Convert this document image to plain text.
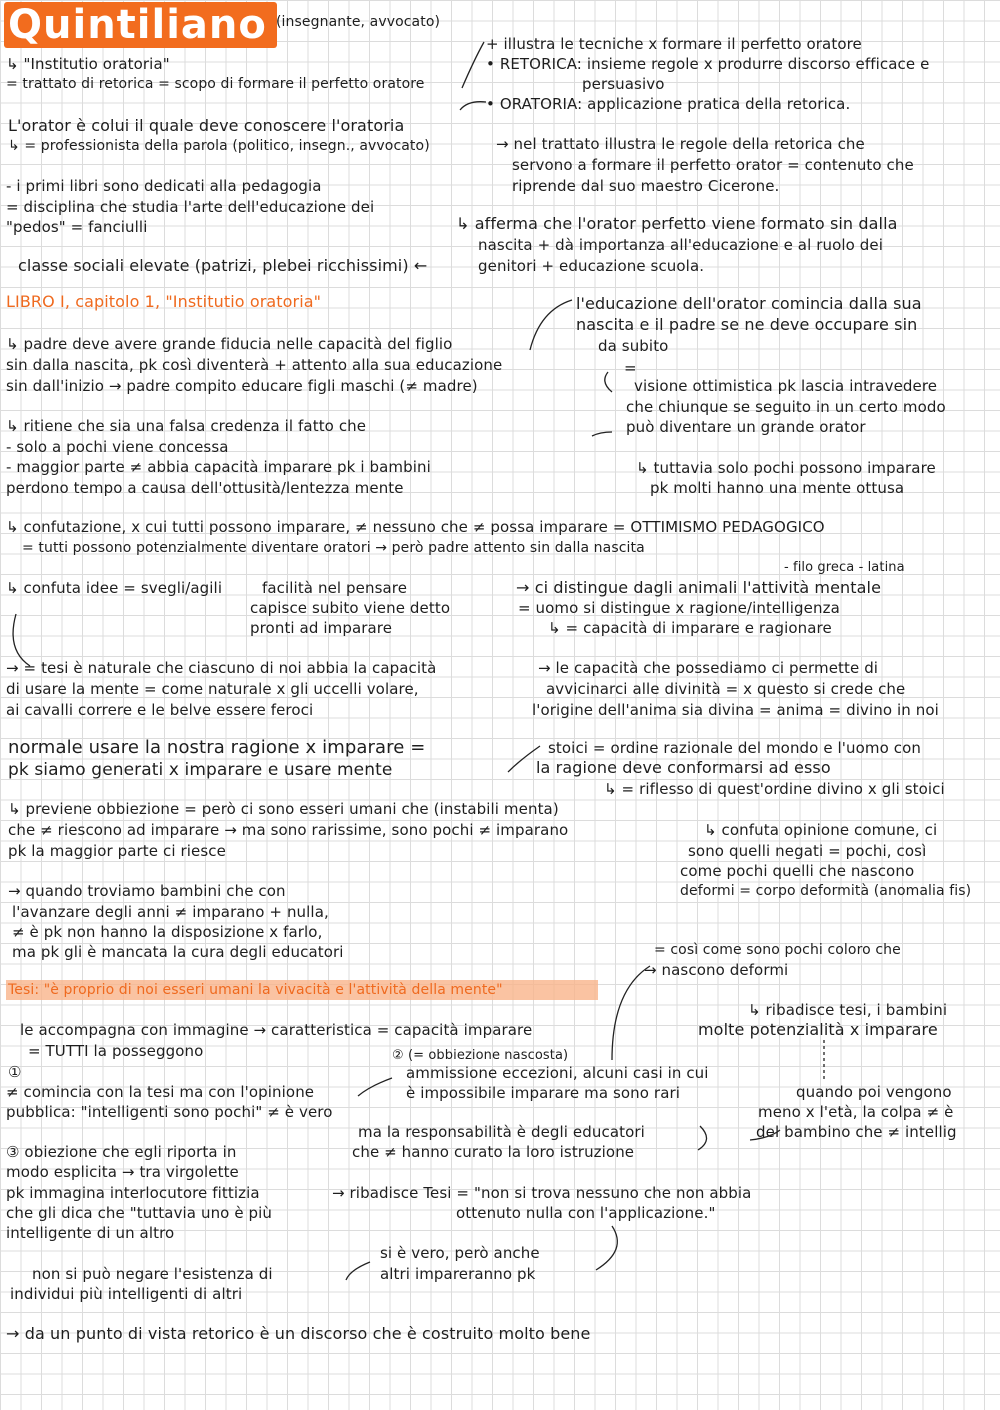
Quintiliano (insegnante, avvocato)
↳ "Institutio oratoria"
= trattato di retorica = scopo di formare il perfetto oratore
+ illustra le tecniche x formare il perfetto oratore
• RETORICA: insieme regole x produrre discorso efficace e
persuasivo
• ORATORIA: applicazione pratica della retorica.
L'orator è colui il quale deve conoscere l'oratoria
↳ = professionista della parola (politico, insegn., avvocato)	→ nel trattato illustra le regole della retorica che
servono a formare il perfetto orator = contenuto che
riprende dal suo maestro Cicerone.
- i primi libri sono dedicati alla pedagogia
= disciplina che studia l'arte dell'educazione dei
"pedos" = fanciulli	↳ afferma che l'orator perfetto viene formato sin dalla
nascita + dà importanza all'educazione e al ruolo dei
genitori + educazione scuola.
classe sociali elevate (patrizi, plebei ricchissimi) ←
LIBRO I, capitolo 1, "Institutio oratoria"	l'educazione dell'orator comincia dalla sua
nascita e il padre se ne deve occupare sin
da subito
↳ padre deve avere grande fiducia nelle capacità del figlio
sin dalla nascita, pk così diventerà + attento alla sua educazione
sin dall'inizio → padre compito educare figli maschi (≠ madre)
=
visione ottimistica pk lascia intravedere
che chiunque se seguito in un certo modo
può diventare un grande orator
↳ ritiene che sia una falsa credenza il fatto che
- solo a pochi viene concessa
- maggior parte ≠ abbia capacità imparare pk i bambini
perdono tempo a causa dell'ottusità/lentezza mente
↳ tuttavia solo pochi possono imparare
pk molti hanno una mente ottusa
↳ confutazione, x cui tutti possono imparare, ≠ nessuno che ≠ possa imparare = OTTIMISMO PEDAGOGICO
= tutti possono potenzialmente diventare oratori → però padre attento sin dalla nascita
- filo greca - latina
↳ confuta idee = svegli/agili	facilità nel pensare
capisce subito viene detto
pronti ad imparare
→ ci distingue dagli animali l'attività mentale
= uomo si distingue x ragione/intelligenza
↳ = capacità di imparare e ragionare
→ = tesi è naturale che ciascuno di noi abbia la capacità
di usare la mente = come naturale x gli uccelli volare,
ai cavalli correre e le belve essere feroci
→ le capacità che possediamo ci permette di
avvicinarci alle divinità = x questo si crede che
l'origine dell'anima sia divina = anima = divino in noi
normale usare la nostra ragione x imparare =
pk siamo generati x imparare e usare mente
stoici = ordine razionale del mondo e l'uomo con
la ragione deve conformarsi ad esso
↳ = riflesso di quest'ordine divino x gli stoici
↳ previene obbiezione = però ci sono esseri umani che (instabili menta)
che ≠ riescono ad imparare → ma sono rarissime, sono pochi ≠ imparano	↳ confuta opinione comune, ci
pk la maggior parte ci riesce	sono quelli negati = pochi, così
come pochi quelli che nascono
deformi = corpo deformità (anomalia fis)
→ quando troviamo bambini che con
l'avanzare degli anni ≠ imparano + nulla,
≠ è pk non hanno la disposizione x farlo,
ma pk gli è mancata la cura degli educatori	= così come sono pochi coloro che
→ nascono deformi
Tesi: "è proprio di noi esseri umani la vivacità e l'attività della mente"
↳ ribadisce tesi, i bambini
molte potenzialità x imparare
le accompagna con immagine → caratteristica = capacità imparare
= TUTTI la posseggono	② (= obbiezione nascosta)
①	ammissione eccezioni, alcuni casi in cui
è impossibile imparare ma sono rari
≠ comincia con la tesi ma con l'opinione
pubblica: "intelligenti sono pochi" ≠ è vero
quando poi vengono
meno x l'età, la colpa ≠ è
del bambino che ≠ intellig
ma la responsabilità è degli educatori
che ≠ hanno curato la loro istruzione
③ obiezione che egli riporta in
modo esplicita → tra virgolette
pk immagina interlocutore fittizia
che gli dica che "tuttavia uno è più
intelligente di un altro
→ ribadisce Tesi = "non si trova nessuno che non abbia
ottenuto nulla con l'applicazione."
si è vero, però anche
altri impareranno pk
non si può negare l'esistenza di
individui più intelligenti di altri
→ da un punto di vista retorico è un discorso che è costruito molto bene
